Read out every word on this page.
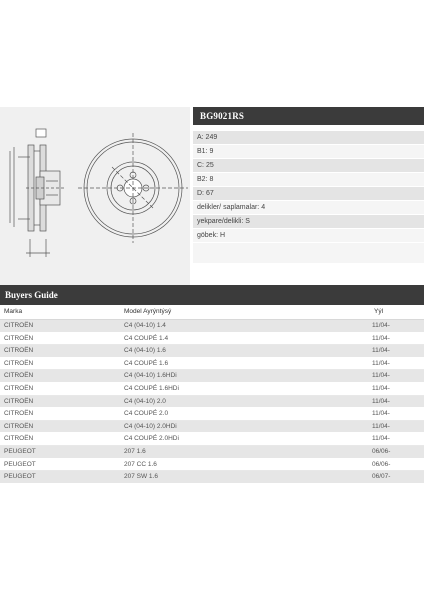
BG9021RS
A: 249
B1: 9
C: 25
B2: 8
D: 67
delikler/ saplamalar: 4
yekpare/delikli: S
göbek: H
Buyers Guide
Marka	Model Ayrýntýsý	Yýl
CITROËN	C4 (04-10) 1.4	11/04-
CITROËN	C4 COUPÉ 1.4	11/04-
CITROËN	C4 (04-10) 1.6	11/04-
CITROËN	C4 COUPÉ 1.6	11/04-
CITROËN	C4 (04-10) 1.6HDi	11/04-
CITROËN	C4 COUPÉ 1.6HDi	11/04-
CITROËN	C4 (04-10) 2.0	11/04-
CITROËN	C4 COUPÉ 2.0	11/04-
CITROËN	C4 (04-10) 2.0HDi	11/04-
CITROËN	C4 COUPÉ 2.0HDi	11/04-
PEUGEOT	207 1.6	06/06-
PEUGEOT	207 CC 1.6	06/06-
PEUGEOT	207 SW 1.6	06/07-
